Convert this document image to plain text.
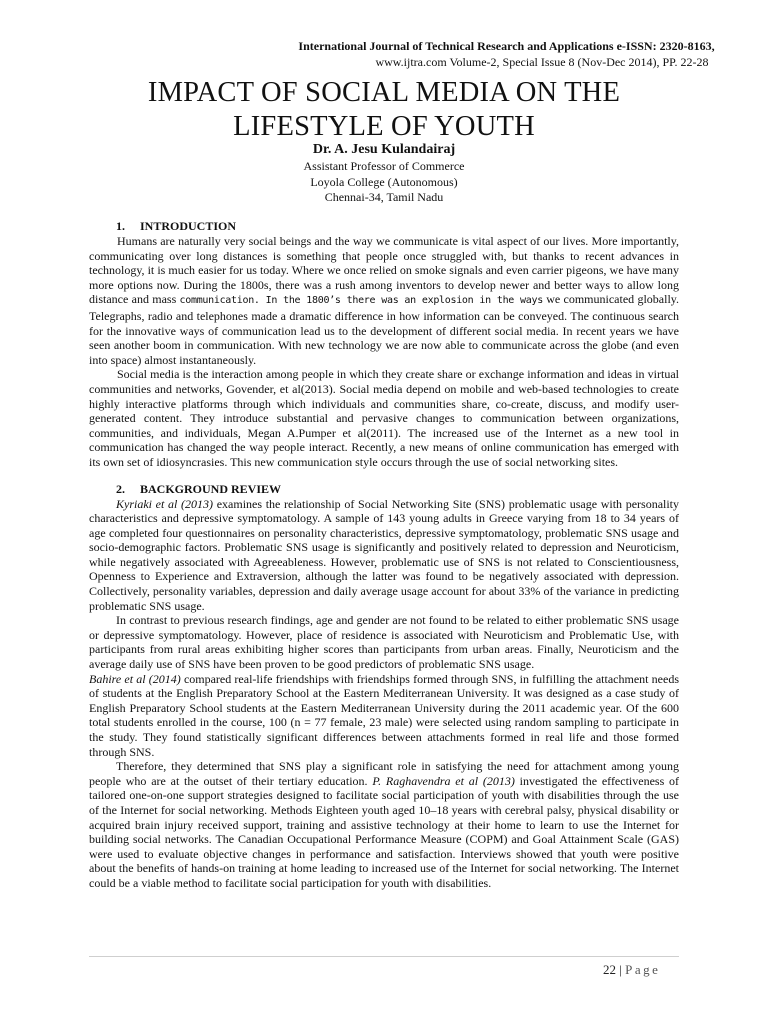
International Journal of Technical Research and Applications e-ISSN: 2320-8163,
www.ijtra.com Volume-2, Special Issue 8 (Nov-Dec 2014), PP. 22-28
IMPACT OF SOCIAL MEDIA ON THE
LIFESTYLE OF YOUTH
Dr. A. Jesu Kulandairaj
Assistant Professor of Commerce
Loyola College (Autonomous)
Chennai-34, Tamil Nadu
1. INTRODUCTION

Humans are naturally very social beings and the way we communicate is vital aspect of our lives. More importantly, communicating over long distances is something that people once struggled with, but thanks to recent advances in technology, it is much easier for us today. Where we once relied on smoke signals and even carrier pigeons, we have many more options now. During the 1800s, there was a rush among inventors to develop newer and better ways to allow long distance and mass communication. In the 1800’s there was an explosion in the ways we communicated globally. Telegraphs, radio and telephones made a dramatic difference in how information can be conveyed. The continuous search for the innovative ways of communication lead us to the development of different social media. In recent years we have seen another boom in communication. With new technology we are now able to communicate across the globe (and even into space) almost instantaneously.

Social media is the interaction among people in which they create share or exchange information and ideas in virtual communities and networks, Govender, et al(2013). Social media depend on mobile and web-based technologies to create highly interactive platforms through which individuals and communities share, co-create, discuss, and modify user-generated content. They introduce substantial and pervasive changes to communication between organizations, communities, and individuals, Megan A.Pumper et al(2011). The increased use of the Internet as a new tool in communication has changed the way people interact. Recently, a new means of online communication has emerged with its own set of idiosyncrasies. This new communication style occurs through the use of social networking sites.

2. BACKGROUND REVIEW

Kyriaki et al (2013) examines the relationship of Social Networking Site (SNS) problematic usage with personality characteristics and depressive symptomatology. A sample of 143 young adults in Greece varying from 18 to 34 years of age completed four questionnaires on personality characteristics, depressive symptomatology, problematic SNS usage and socio-demographic factors. Problematic SNS usage is significantly and positively related to depression and Neuroticism, while negatively associated with Agreeableness. However, problematic use of SNS is not related to Conscientiousness, Openness to Experience and Extraversion, although the latter was found to be negatively associated with depression. Collectively, personality variables, depression and daily average usage account for about 33% of the variance in predicting problematic SNS usage.

In contrast to previous research findings, age and gender are not found to be related to either problematic SNS usage or depressive symptomatology. However, place of residence is associated with Neuroticism and Problematic Use, with participants from rural areas exhibiting higher scores than participants from urban areas. Finally, Neuroticism and the average daily use of SNS have been proven to be good predictors of problematic SNS usage.
Bahire et al (2014) compared real-life friendships with friendships formed through SNS, in fulfilling the attachment needs of students at the English Preparatory School at the Eastern Mediterranean University. It was designed as a case study of English Preparatory School students at the Eastern Mediterranean University during the 2011 academic year. Of the 600 total students enrolled in the course, 100 (n = 77 female, 23 male) were selected using random sampling to participate in the study. They found statistically significant differences between attachments formed in real life and those formed through SNS.

Therefore, they determined that SNS play a significant role in satisfying the need for attachment among young people who are at the outset of their tertiary education. P. Raghavendra et al (2013) investigated the effectiveness of tailored one-on-one support strategies designed to facilitate social participation of youth with disabilities through the use of the Internet for social networking. Methods Eighteen youth aged 10–18 years with cerebral palsy, physical disability or acquired brain injury received support, training and assistive technology at their home to learn to use the Internet for building social networks. The Canadian Occupational Performance Measure (COPM) and Goal Attainment Scale (GAS) were used to evaluate objective changes in performance and satisfaction. Interviews showed that youth were positive about the benefits of hands-on training at home leading to increased use of the Internet for social networking. The Internet could be a viable method to facilitate social participation for youth with disabilities.

22 | Page
